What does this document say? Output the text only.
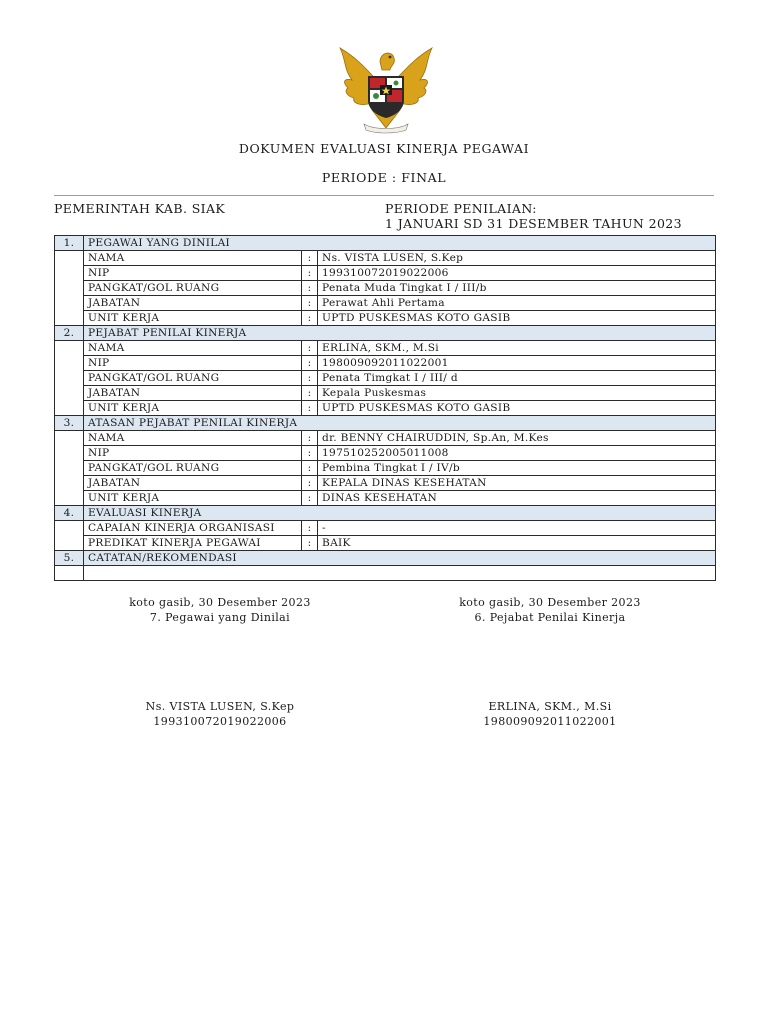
DOKUMEN EVALUASI KINERJA PEGAWAI
PERIODE : FINAL
PEMERINTAH KAB. SIAK	PERIODE PENILAIAN:
1 JANUARI SD 31 DESEMBER TAHUN 2023
1.	PEGAWAI YANG DINILAI		
	NAMA	:	Ns. VISTA LUSEN, S.Kep
	NIP	:	199310072019022006
	PANGKAT/GOL RUANG	:	Penata Muda Tingkat I / III/b
	JABATAN	:	Perawat Ahli Pertama
	UNIT KERJA	:	UPTD PUSKESMAS KOTO GASIB
2.	PEJABAT PENILAI KINERJA		
	NAMA	:	ERLINA, SKM., M.Si
	NIP	:	198009092011022001
	PANGKAT/GOL RUANG	:	Penata Timgkat I / III/ d
	JABATAN	:	Kepala Puskesmas
	UNIT KERJA	:	UPTD PUSKESMAS KOTO GASIB
3.	ATASAN PEJABAT PENILAI KINERJA		
	NAMA	:	dr. BENNY CHAIRUDDIN, Sp.An, M.Kes
	NIP	:	197510252005011008
	PANGKAT/GOL RUANG	:	Pembina Tingkat I / IV/b
	JABATAN	:	KEPALA DINAS KESEHATAN
	UNIT KERJA	:	DINAS KESEHATAN
4.	EVALUASI KINERJA		
	CAPAIAN KINERJA ORGANISASI	:	-
	PREDIKAT KINERJA PEGAWAI	:	BAIK
5.	CATATAN/REKOMENDASI		

koto gasib, 30 Desember 2023
7. Pegawai yang Dinilai
Ns. VISTA LUSEN, S.Kep
199310072019022006
koto gasib, 30 Desember 2023
6. Pejabat Penilai Kinerja
ERLINA, SKM., M.Si
198009092011022001
